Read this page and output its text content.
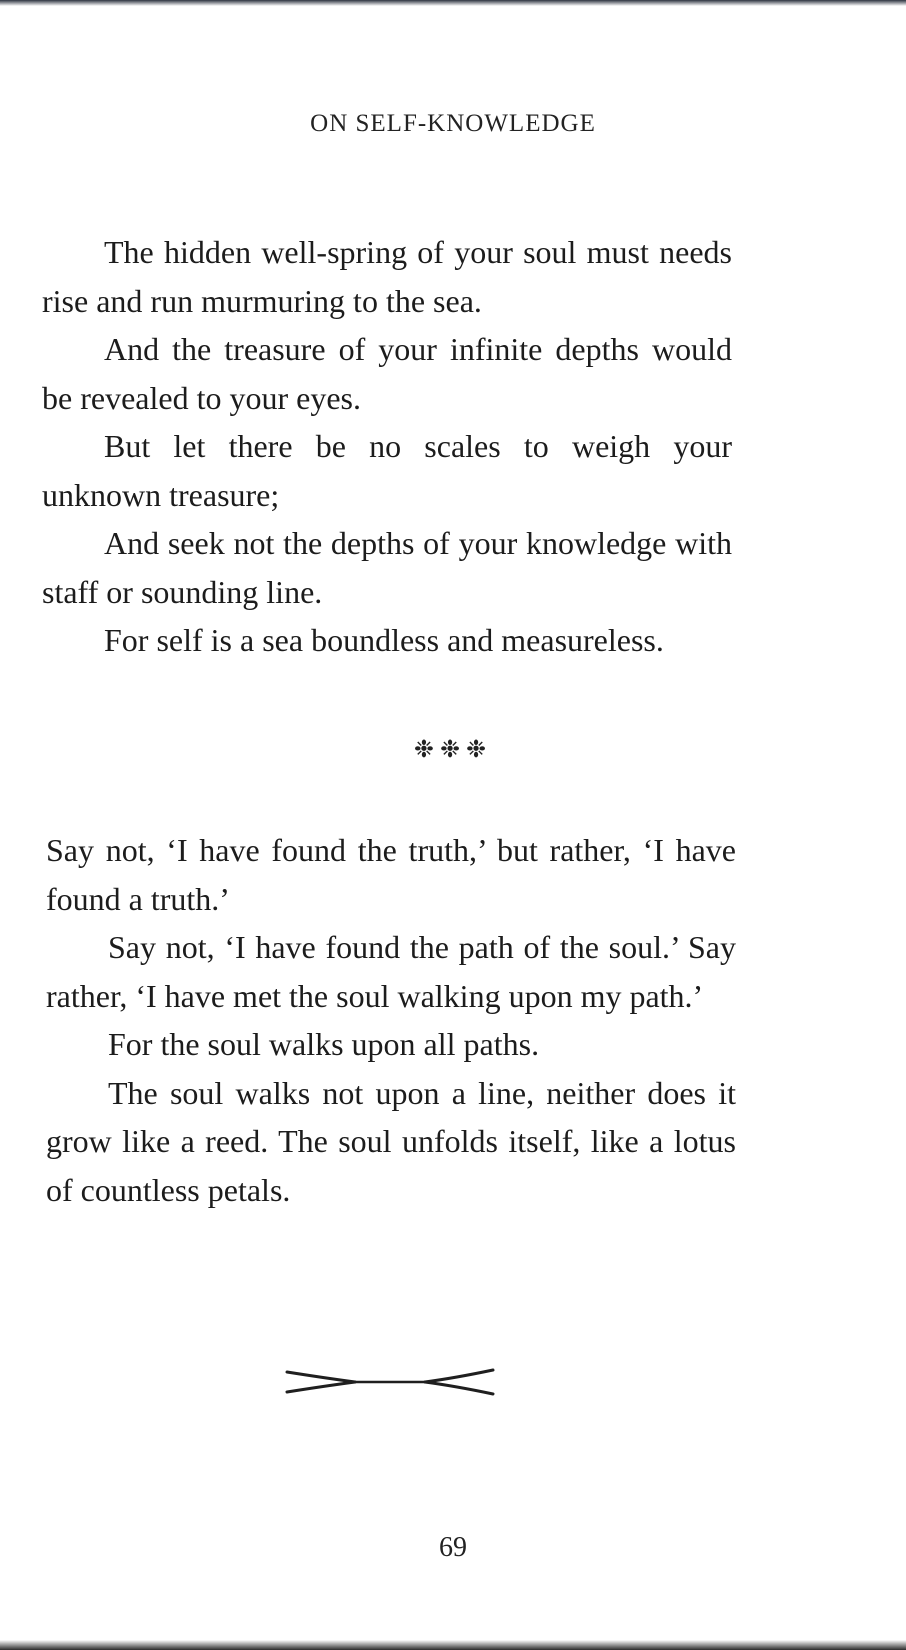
ON SELF-KNOWLEDGE

The hidden well-spring of your soul must needs rise and run murmuring to the sea.

And the treasure of your infinite depths would be revealed to your eyes.

But let there be no scales to weigh your unknown treasure;

And seek not the depths of your knowledge with staff or sounding line.

For self is a sea boundless and measureless.

❉❉❉

Say not, ‘I have found the truth,’ but rather, ‘I have found a truth.’

Say not, ‘I have found the path of the soul.’ Say rather, ‘I have met the soul walking upon my path.’

For the soul walks upon all paths.

The soul walks not upon a line, neither does it grow like a reed. The soul unfolds itself, like a lotus of countless petals.

69
